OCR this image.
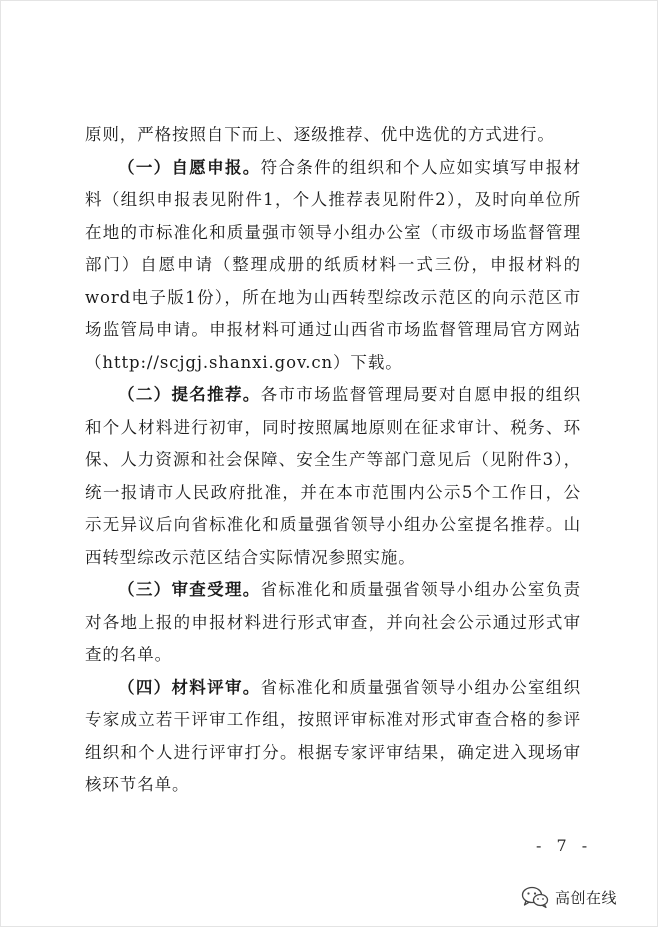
原则，严格按照自下而上、逐级推荐、优中选优的方式进行。

（一）自愿申报。符合条件的组织和个人应如实填写申报材料（组织申报表见附件1，个人推荐表见附件2），及时向单位所在地的市标准化和质量强市领导小组办公室（市级市场监督管理部门）自愿申请（整理成册的纸质材料一式三份，申报材料的word电子版1份），所在地为山西转型综改示范区的向示范区市场监管局申请。申报材料可通过山西省市场监督管理局官方网站（http://scjgj.shanxi.gov.cn）下载。

（二）提名推荐。各市市场监督管理局要对自愿申报的组织和个人材料进行初审，同时按照属地原则在征求审计、税务、环保、人力资源和社会保障、安全生产等部门意见后（见附件3），统一报请市人民政府批准，并在本市范围内公示5个工作日，公示无异议后向省标准化和质量强省领导小组办公室提名推荐。山西转型综改示范区结合实际情况参照实施。

（三）审查受理。省标准化和质量强省领导小组办公室负责对各地上报的申报材料进行形式审查，并向社会公示通过形式审查的名单。

（四）材料评审。省标准化和质量强省领导小组办公室组织专家成立若干评审工作组，按照评审标准对形式审查合格的参评组织和个人进行评审打分。根据专家评审结果，确定进入现场审核环节名单。

- 7 -
高创在线
